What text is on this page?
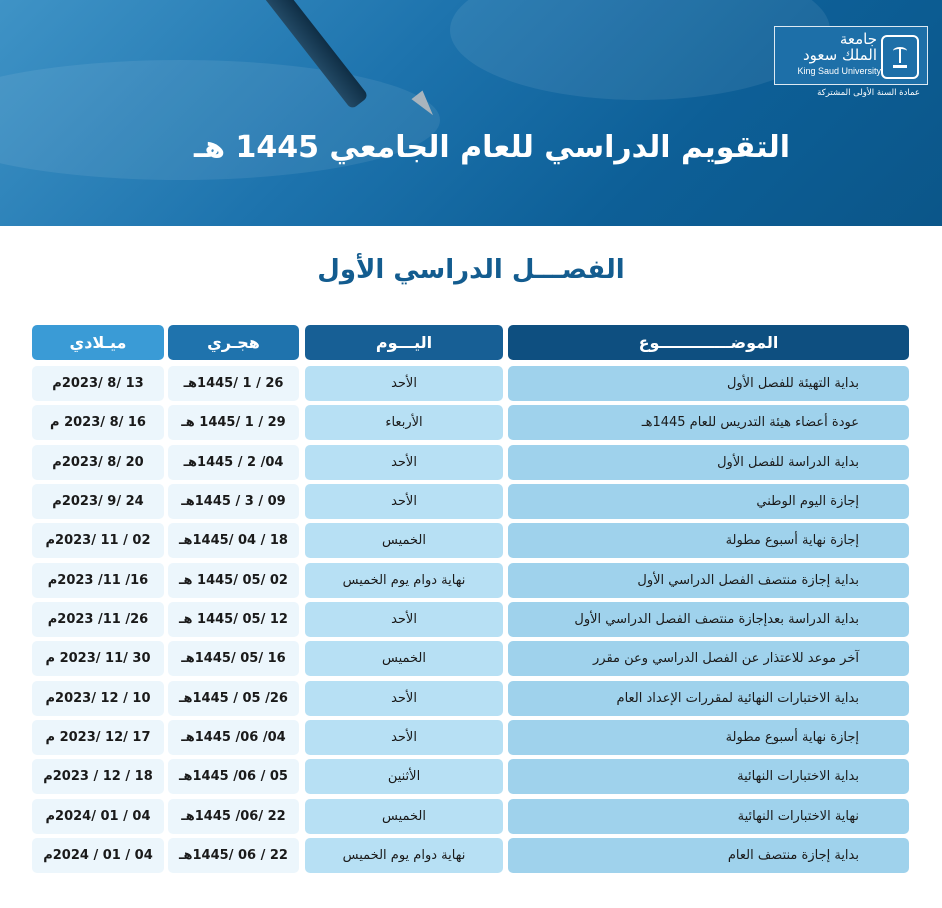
جامعة
الملك سعود
King Saud University
عمادة السنة الأولى المشتركة
التقويم الدراسي للعام الجامعي 1445 هـ
الفصـــل الدراسي الأول
الموضـــــــــــــوع
اليـــوم
هجـري
ميـلادي
بداية التهيئة للفصل الأول
الأحد
26 / 1 /1445هـ
13 /8 /2023م
عودة أعضاء هيئة التدريس للعام 1445هـ
الأربعاء
29 / 1 /1445 هـ
16 /8 /2023 م
بداية الدراسة للفصل الأول
الأحد
04/ 2 / 1445هـ
20 /8 /2023م
إجازة اليوم الوطني
الأحد
09 / 3 / 1445هـ
24 /9 /2023م
إجازة نهاية أسبوع مطولة
الخميس
18 / 04 /1445هـ
02 / 11 /2023م
بداية إجازة منتصف الفصل الدراسي الأول
نهاية دوام يوم الخميس
02 /05 /1445 هـ
16/ 11/ 2023م
بداية الدراسة بعدإجازة منتصف الفصل الدراسي الأول
الأحد
12 /05 /1445 هـ
26/ 11/ 2023م
آخر موعد للاعتذار عن الفصل الدراسي وعن مقرر
الخميس
16 /05 /1445هـ
30 /11 /2023 م
بداية الاختبارات النهائية لمقررات الإعداد العام
الأحد
26/ 05 / 1445هـ
10 / 12 /2023م
إجازة نهاية أسبوع مطولة
الأحد
04/ 06/ 1445هـ
17 /12 /2023 م
بداية الاختبارات النهائية
الأثنين
05 / 06/ 1445هـ
18 / 12 / 2023م
نهاية الاختبارات النهائية
الخميس
22 /06/ 1445هـ
04 / 01 /2024م
بداية إجازة منتصف العام
نهاية دوام يوم الخميس
22 / 06 /1445هـ
04 / 01 / 2024م
